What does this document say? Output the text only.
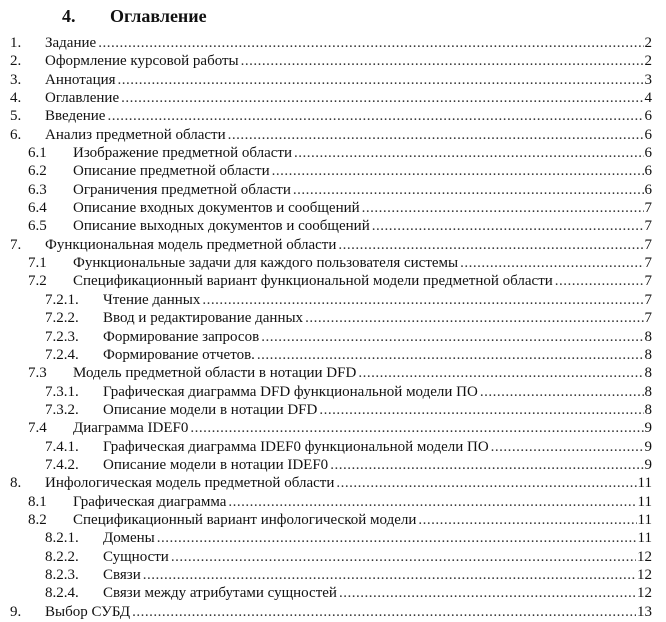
4. Оглавление
1. Задание .....	2
2. Оформление курсовой работы .....	2
3. Аннотация .....	3
4. Оглавление .....	4
5. Введение .....	6
6. Анализ предметной области .....	6
6.1 Изображение предметной области .....	6
6.2 Описание предметной области .....	6
6.3 Ограничения предметной области .....	6
6.4 Описание входных документов и сообщений .....	7
6.5 Описание выходных документов и сообщений .....	7
7. Функциональная модель предметной области .....	7
7.1 Функциональные задачи для каждого пользователя системы .....	7
7.2 Спецификационный вариант функциональной модели предметной области .....	7
7.2.1. Чтение данных .....	7
7.2.2. Ввод и редактирование данных .....	7
7.2.3. Формирование запросов .....	8
7.2.4. Формирование отчетов. .....	8
7.3 Модель предметной области в нотации DFD .....	8
7.3.1. Графическая диаграмма DFD функциональной модели ПО .....	8
7.3.2. Описание модели в нотации DFD .....	8
7.4 Диаграмма IDEF0 .....	9
7.4.1. Графическая диаграмма IDEF0 функциональной модели ПО .....	9
7.4.2. Описание модели в нотации IDEF0 .....	9
8. Инфологическая модель предметной области .....	11
8.1 Графическая диаграмма .....	11
8.2 Спецификационный вариант инфологической модели .....	11
8.2.1. Домены .....	11
8.2.2. Сущности .....	12
8.2.3. Связи .....	12
8.2.4. Связи между атрибутами сущностей .....	12
9. Выбор СУБД .....	13
